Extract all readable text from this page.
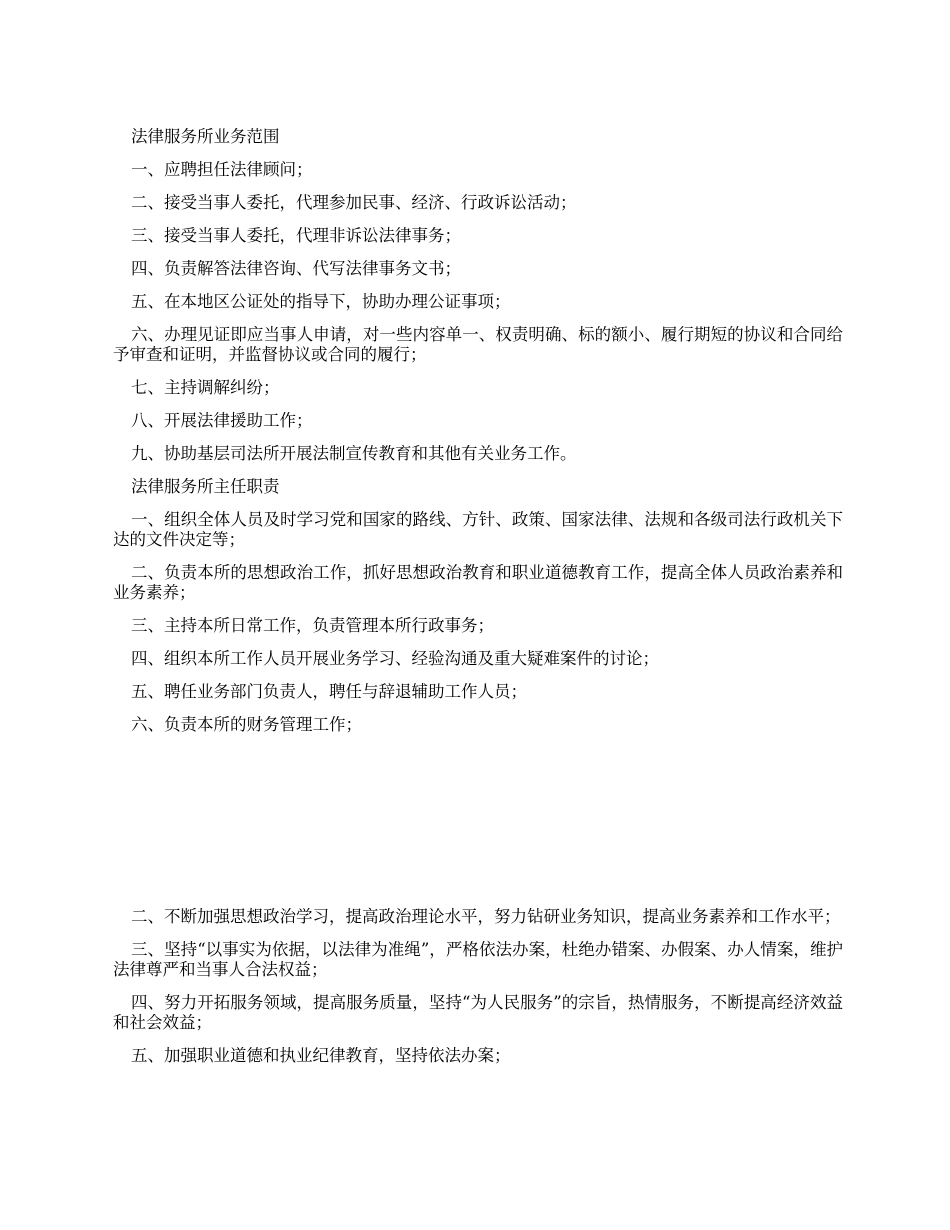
法律服务所业务范围

一、应聘担任法律顾问；

二、接受当事人委托，代理参加民事、经济、行政诉讼活动；

三、接受当事人委托，代理非诉讼法律事务；

四、负责解答法律咨询、代写法律事务文书；

五、在本地区公证处的指导下，协助办理公证事项；

六、办理见证即应当事人申请，对一些内容单一、权责明确、标的额小、履行期短的协议和合同给予审查和证明，并监督协议或合同的履行；

七、主持调解纠纷；

八、开展法律援助工作；

九、协助基层司法所开展法制宣传教育和其他有关业务工作。

法律服务所主任职责

一、组织全体人员及时学习党和国家的路线、方针、政策、国家法律、法规和各级司法行政机关下达的文件决定等；

二、负责本所的思想政治工作，抓好思想政治教育和职业道德教育工作，提高全体人员政治素养和业务素养；

三、主持本所日常工作，负责管理本所行政事务；

四、组织本所工作人员开展业务学习、经验沟通及重大疑难案件的讨论；

五、聘任业务部门负责人，聘任与辞退辅助工作人员；

六、负责本所的财务管理工作；

二、不断加强思想政治学习，提高政治理论水平，努力钻研业务知识，提高业务素养和工作水平；

三、坚持“以事实为依据，以法律为准绳”，严格依法办案，杜绝办错案、办假案、办人情案，维护法律尊严和当事人合法权益；

四、努力开拓服务领域，提高服务质量，坚持“为人民服务”的宗旨，热情服务，不断提高经济效益和社会效益；

五、加强职业道德和执业纪律教育，坚持依法办案；
